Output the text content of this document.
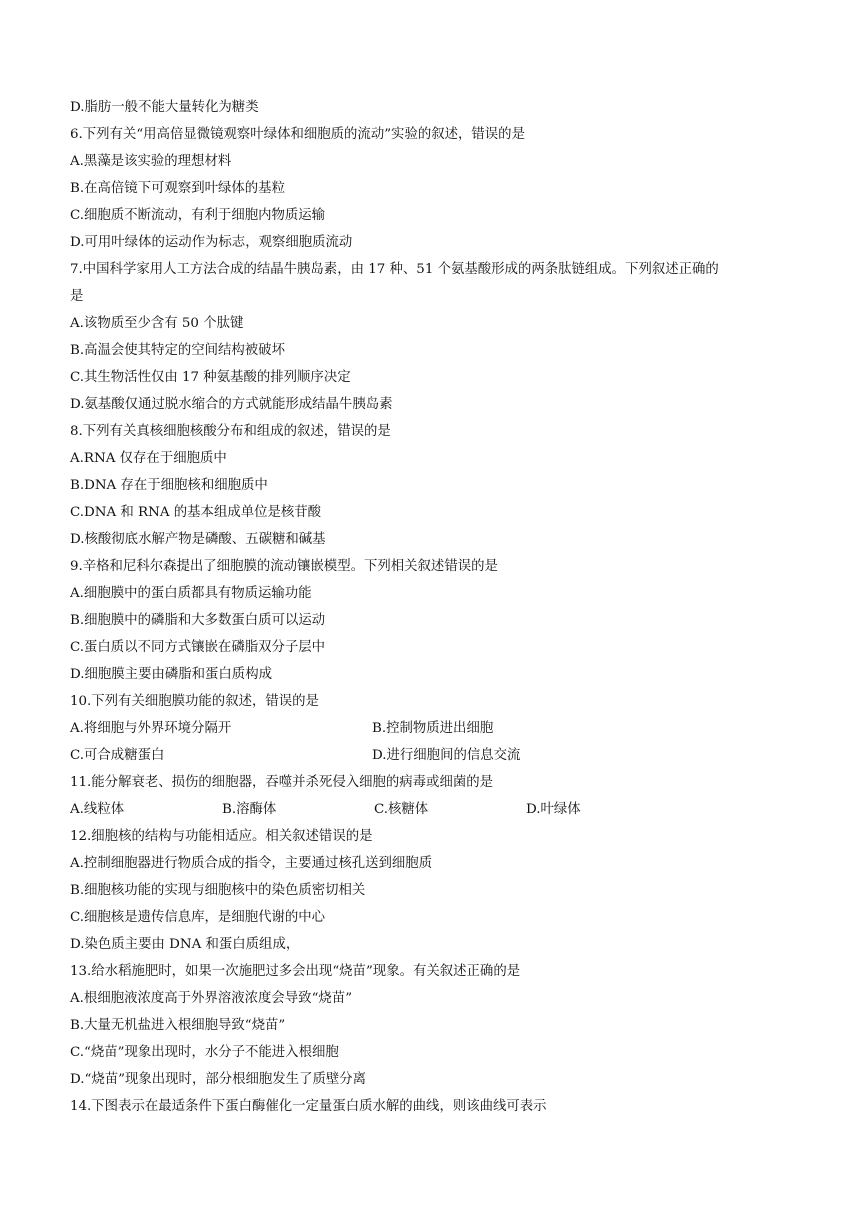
D.脂肪一般不能大量转化为糖类
6.下列有关“用高倍显微镜观察叶绿体和细胞质的流动”实验的叙述，错误的是
A.黑藻是该实验的理想材料
B.在高倍镜下可观察到叶绿体的基粒
C.细胞质不断流动，有利于细胞内物质运输
D.可用叶绿体的运动作为标志，观察细胞质流动
7.中国科学家用人工方法合成的结晶牛胰岛素，由 17 种、51 个氨基酸形成的两条肽链组成。下列叙述正确的
是
A.该物质至少含有 50 个肽键
B.高温会使其特定的空间结构被破坏
C.其生物活性仅由 17 种氨基酸的排列顺序决定
D.氨基酸仅通过脱水缩合的方式就能形成结晶牛胰岛素
8.下列有关真核细胞核酸分布和组成的叙述，错误的是
A.RNA 仅存在于细胞质中
B.DNA 存在于细胞核和细胞质中
C.DNA 和 RNA 的基本组成单位是核苷酸
D.核酸彻底水解产物是磷酸、五碳糖和碱基
9.辛格和尼科尔森提出了细胞膜的流动镶嵌模型。下列相关叙述错误的是
A.细胞膜中的蛋白质都具有物质运输功能
B.细胞膜中的磷脂和大多数蛋白质可以运动
C.蛋白质以不同方式镶嵌在磷脂双分子层中
D.细胞膜主要由磷脂和蛋白质构成
10.下列有关细胞膜功能的叙述，错误的是
A.将细胞与外界环境分隔开	B.控制物质进出细胞
C.可合成糖蛋白	D.进行细胞间的信息交流
11.能分解衰老、损伤的细胞器，吞噬并杀死侵入细胞的病毒或细菌的是
A.线粒体	B.溶酶体	C.核糖体	D.叶绿体
12.细胞核的结构与功能相适应。相关叙述错误的是
A.控制细胞器进行物质合成的指令，主要通过核孔送到细胞质
B.细胞核功能的实现与细胞核中的染色质密切相关
C.细胞核是遗传信息库，是细胞代谢的中心
D.染色质主要由 DNA 和蛋白质组成，
13.给水稻施肥时，如果一次施肥过多会出现“烧苗”现象。有关叙述正确的是
A.根细胞液浓度高于外界溶液浓度会导致“烧苗”
B.大量无机盐进入根细胞导致“烧苗”
C.“烧苗”现象出现时，水分子不能进入根细胞
D.“烧苗”现象出现时，部分根细胞发生了质壁分离
14.下图表示在最适条件下蛋白酶催化一定量蛋白质水解的曲线，则该曲线可表示
